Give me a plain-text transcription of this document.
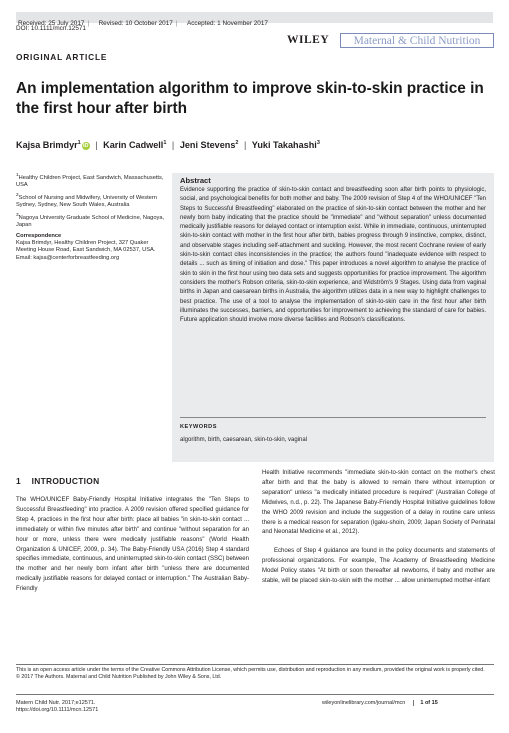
Received: 25 July 2017 | Revised: 10 October 2017 | Accepted: 1 November 2017
DOI: 10.1111/mcn.12571
WILEY	Maternal & Child Nutrition
ORIGINAL ARTICLE
An implementation algorithm to improve skin-to-skin practice in the first hour after birth
Kajsa Brimdyr$^1$iD | Karin Cadwell$^1$ | Jeni Stevens$^2$ | Yuki Takahashi$^3$

$^1$Healthy Children Project, East Sandwich, Massachusetts, USA

$^2$School of Nursing and Midwifery, University of Western Sydney, Sydney, New South Wales, Australia

$^3$Nagoya University Graduate School of Medicine, Nagoya, Japan

Correspondence

Kajsa Brimdyr, Healthy Children Project, 327 Quaker Meeting House Road, East Sandwich, MA 02537, USA.

Email: kajsa@centerforbreastfeeding.org

Abstract
Evidence supporting the practice of skin-to-skin contact and breastfeeding soon after birth points to physiologic, social, and psychological benefits for both mother and baby. The 2009 revision of Step 4 of the WHO/UNICEF "Ten Steps to Successful Breastfeeding" elaborated on the practice of skin-to-skin contact between the mother and her newly born baby indicating that the practice should be "immediate" and "without separation" unless documented medically justifiable reasons for delayed contact or interruption exist. While in immediate, continuous, uninterrupted skin-to-skin contact with mother in the first hour after birth, babies progress through 9 instinctive, complex, distinct, and observable stages including self-attachment and suckling. However, the most recent Cochrane review of early skin-to-skin contact cites inconsistencies in the practice; the authors found "inadequate evidence with respect to details ... such as timing of initiation and dose." This paper introduces a novel algorithm to analyse the practice of skin to skin in the first hour using two data sets and suggests opportunities for practice improvement. The algorithm considers the mother's Robson criteria, skin-to-skin experience, and Widström's 9 Stages. Using data from vaginal births in Japan and caesarean births in Australia, the algorithm utilizes data in a new way to highlight challenges to best practice. The use of a tool to analyse the implementation of skin-to-skin care in the first hour after birth illuminates the successes, barriers, and opportunities for improvement to achieving the standard of care for babies. Future application should involve more diverse facilities and Robson's classifications.
KEYWORDS
algorithm, birth, caesarean, skin-to-skin, vaginal
1 INTRODUCTION

The WHO/UNICEF Baby-Friendly Hospital Initiative integrates the "Ten Steps to Successful Breastfeeding" into practice. A 2009 revision offered specified guidance for Step 4, practices in the first hour after birth: place all babies "in skin-to-skin contact ... immediately or within five minutes after birth" and continue "without separation for an hour or more, unless there were medically justifiable reasons" (World Health Organization & UNICEF, 2009, p. 34). The Baby-Friendly USA (2016) Step 4 standard specifies immediate, continuous, and uninterrupted skin-to-skin contact (SSC) between the mother and her newly born infant after birth "unless there are documented medically justifiable reasons for delayed contact or interruption." The Australian Baby-Friendly

Health Initiative recommends "immediate skin-to-skin contact on the mother's chest after birth and that the baby is allowed to remain there without interruption or separation" unless "a medically initiated procedure is required" (Australian College of Midwives, n.d., p. 22). The Japanese Baby-Friendly Hospital Initiative guidelines follow the WHO 2009 revision and include the suggestion of a delay in routine care unless there is a medical reason for separation (Igaku-shoin, 2009; Japan Society of Perinatal and Neonatal Medicine et al., 2012).

Echoes of Step 4 guidance are found in the policy documents and statements of professional organizations. For example, The Academy of Breastfeeding Medicine Model Policy states "At birth or soon thereafter all newborns, if baby and mother are stable, will be placed skin-to-skin with the mother ... allow uninterrupted mother-infant

This is an open access article under the terms of the Creative Commons Attribution License, which permits use, distribution and reproduction in any medium, provided the original work is properly cited.
© 2017 The Authors. Maternal and Child Nutrition Published by John Wiley & Sons, Ltd.
Matern Child Nutr. 2017;e12571.
https://doi.org/10.1111/mcn.12571
wileyonlinelibrary.com/journal/mcn	1 of 15
